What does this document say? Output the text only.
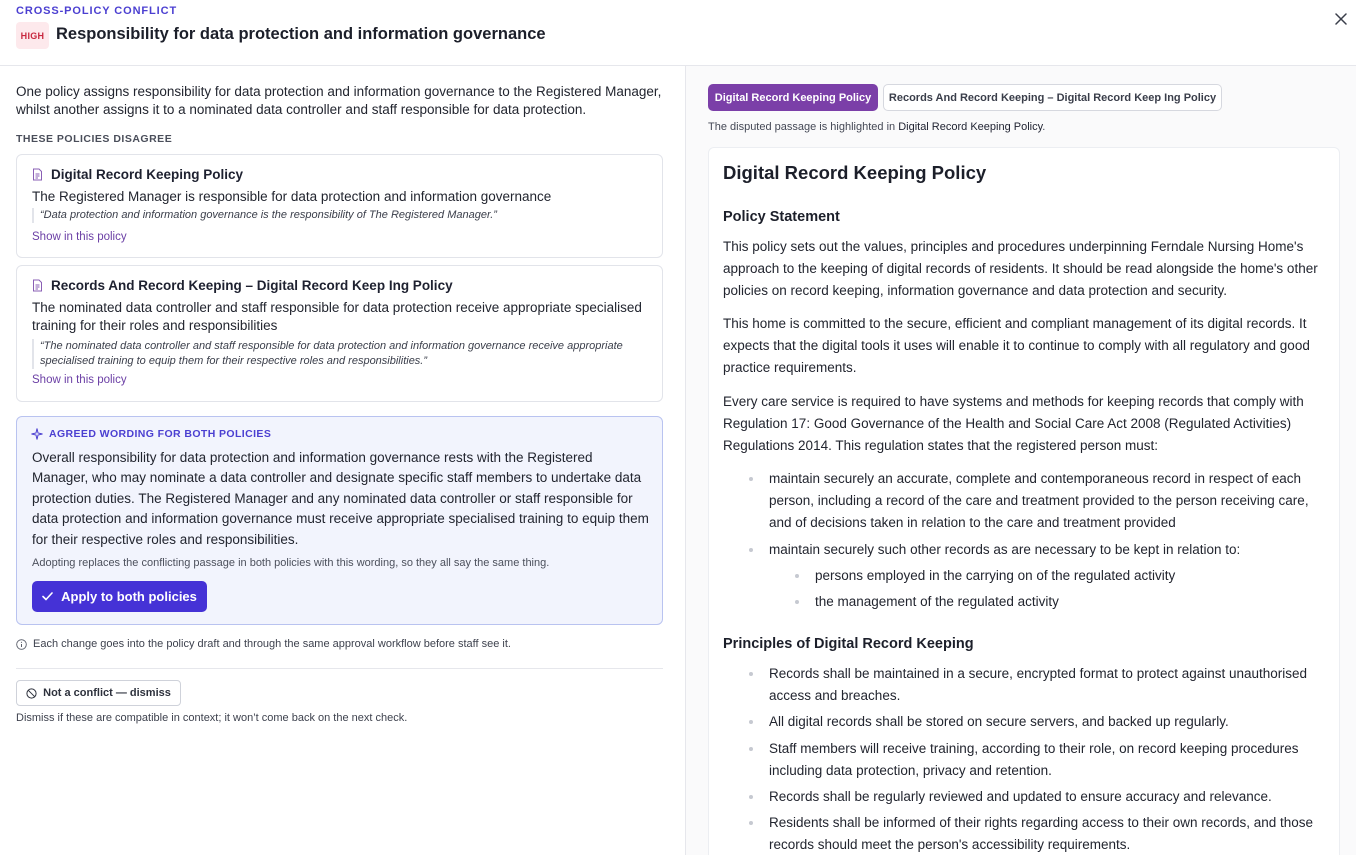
CROSS-POLICY CONFLICT
HIGH Responsibility for data protection and information governance
One policy assigns responsibility for data protection and information governance to the Registered Manager, whilst another assigns it to a nominated data controller and staff responsible for data protection.
THESE POLICIES DISAGREE
Digital Record Keeping Policy
The Registered Manager is responsible for data protection and information governance
“Data protection and information governance is the responsibility of The Registered Manager.”
Show in this policy
Records And Record Keeping – Digital Record Keep Ing Policy
The nominated data controller and staff responsible for data protection receive appropriate specialised training for their roles and responsibilities
“The nominated data controller and staff responsible for data protection and information governance receive appropriate specialised training to equip them for their respective roles and responsibilities.”
Show in this policy
AGREED WORDING FOR BOTH POLICIES
Overall responsibility for data protection and information governance rests with the Registered Manager, who may nominate a data controller and designate specific staff members to undertake data protection duties. The Registered Manager and any nominated data controller or staff responsible for data protection and information governance must receive appropriate specialised training to equip them for their respective roles and responsibilities.
Adopting replaces the conflicting passage in both policies with this wording, so they all say the same thing.
Apply to both policies
Each change goes into the policy draft and through the same approval workflow before staff see it.
Not a conflict — dismiss
Dismiss if these are compatible in context; it won’t come back on the next check.
Digital Record Keeping Policy	Records And Record Keeping – Digital Record Keep Ing Policy
The disputed passage is highlighted in Digital Record Keeping Policy.
Digital Record Keeping Policy
Policy Statement
This policy sets out the values, principles and procedures underpinning Ferndale Nursing Home's approach to the keeping of digital records of residents. It should be read alongside the home's other policies on record keeping, information governance and data protection and security.
This home is committed to the secure, efficient and compliant management of its digital records. It expects that the digital tools it uses will enable it to continue to comply with all regulatory and good practice requirements.
Every care service is required to have systems and methods for keeping records that comply with Regulation 17: Good Governance of the Health and Social Care Act 2008 (Regulated Activities) Regulations 2014. This regulation states that the registered person must:
maintain securely an accurate, complete and contemporaneous record in respect of each person, including a record of the care and treatment provided to the person receiving care, and of decisions taken in relation to the care and treatment provided
maintain securely such other records as are necessary to be kept in relation to:
persons employed in the carrying on of the regulated activity
the management of the regulated activity
Principles of Digital Record Keeping
Records shall be maintained in a secure, encrypted format to protect against unauthorised access and breaches.
All digital records shall be stored on secure servers, and backed up regularly.
Staff members will receive training, according to their role, on record keeping procedures including data protection, privacy and retention.
Records shall be regularly reviewed and updated to ensure accuracy and relevance.
Residents shall be informed of their rights regarding access to their own records, and those records should meet the person's accessibility requirements.
